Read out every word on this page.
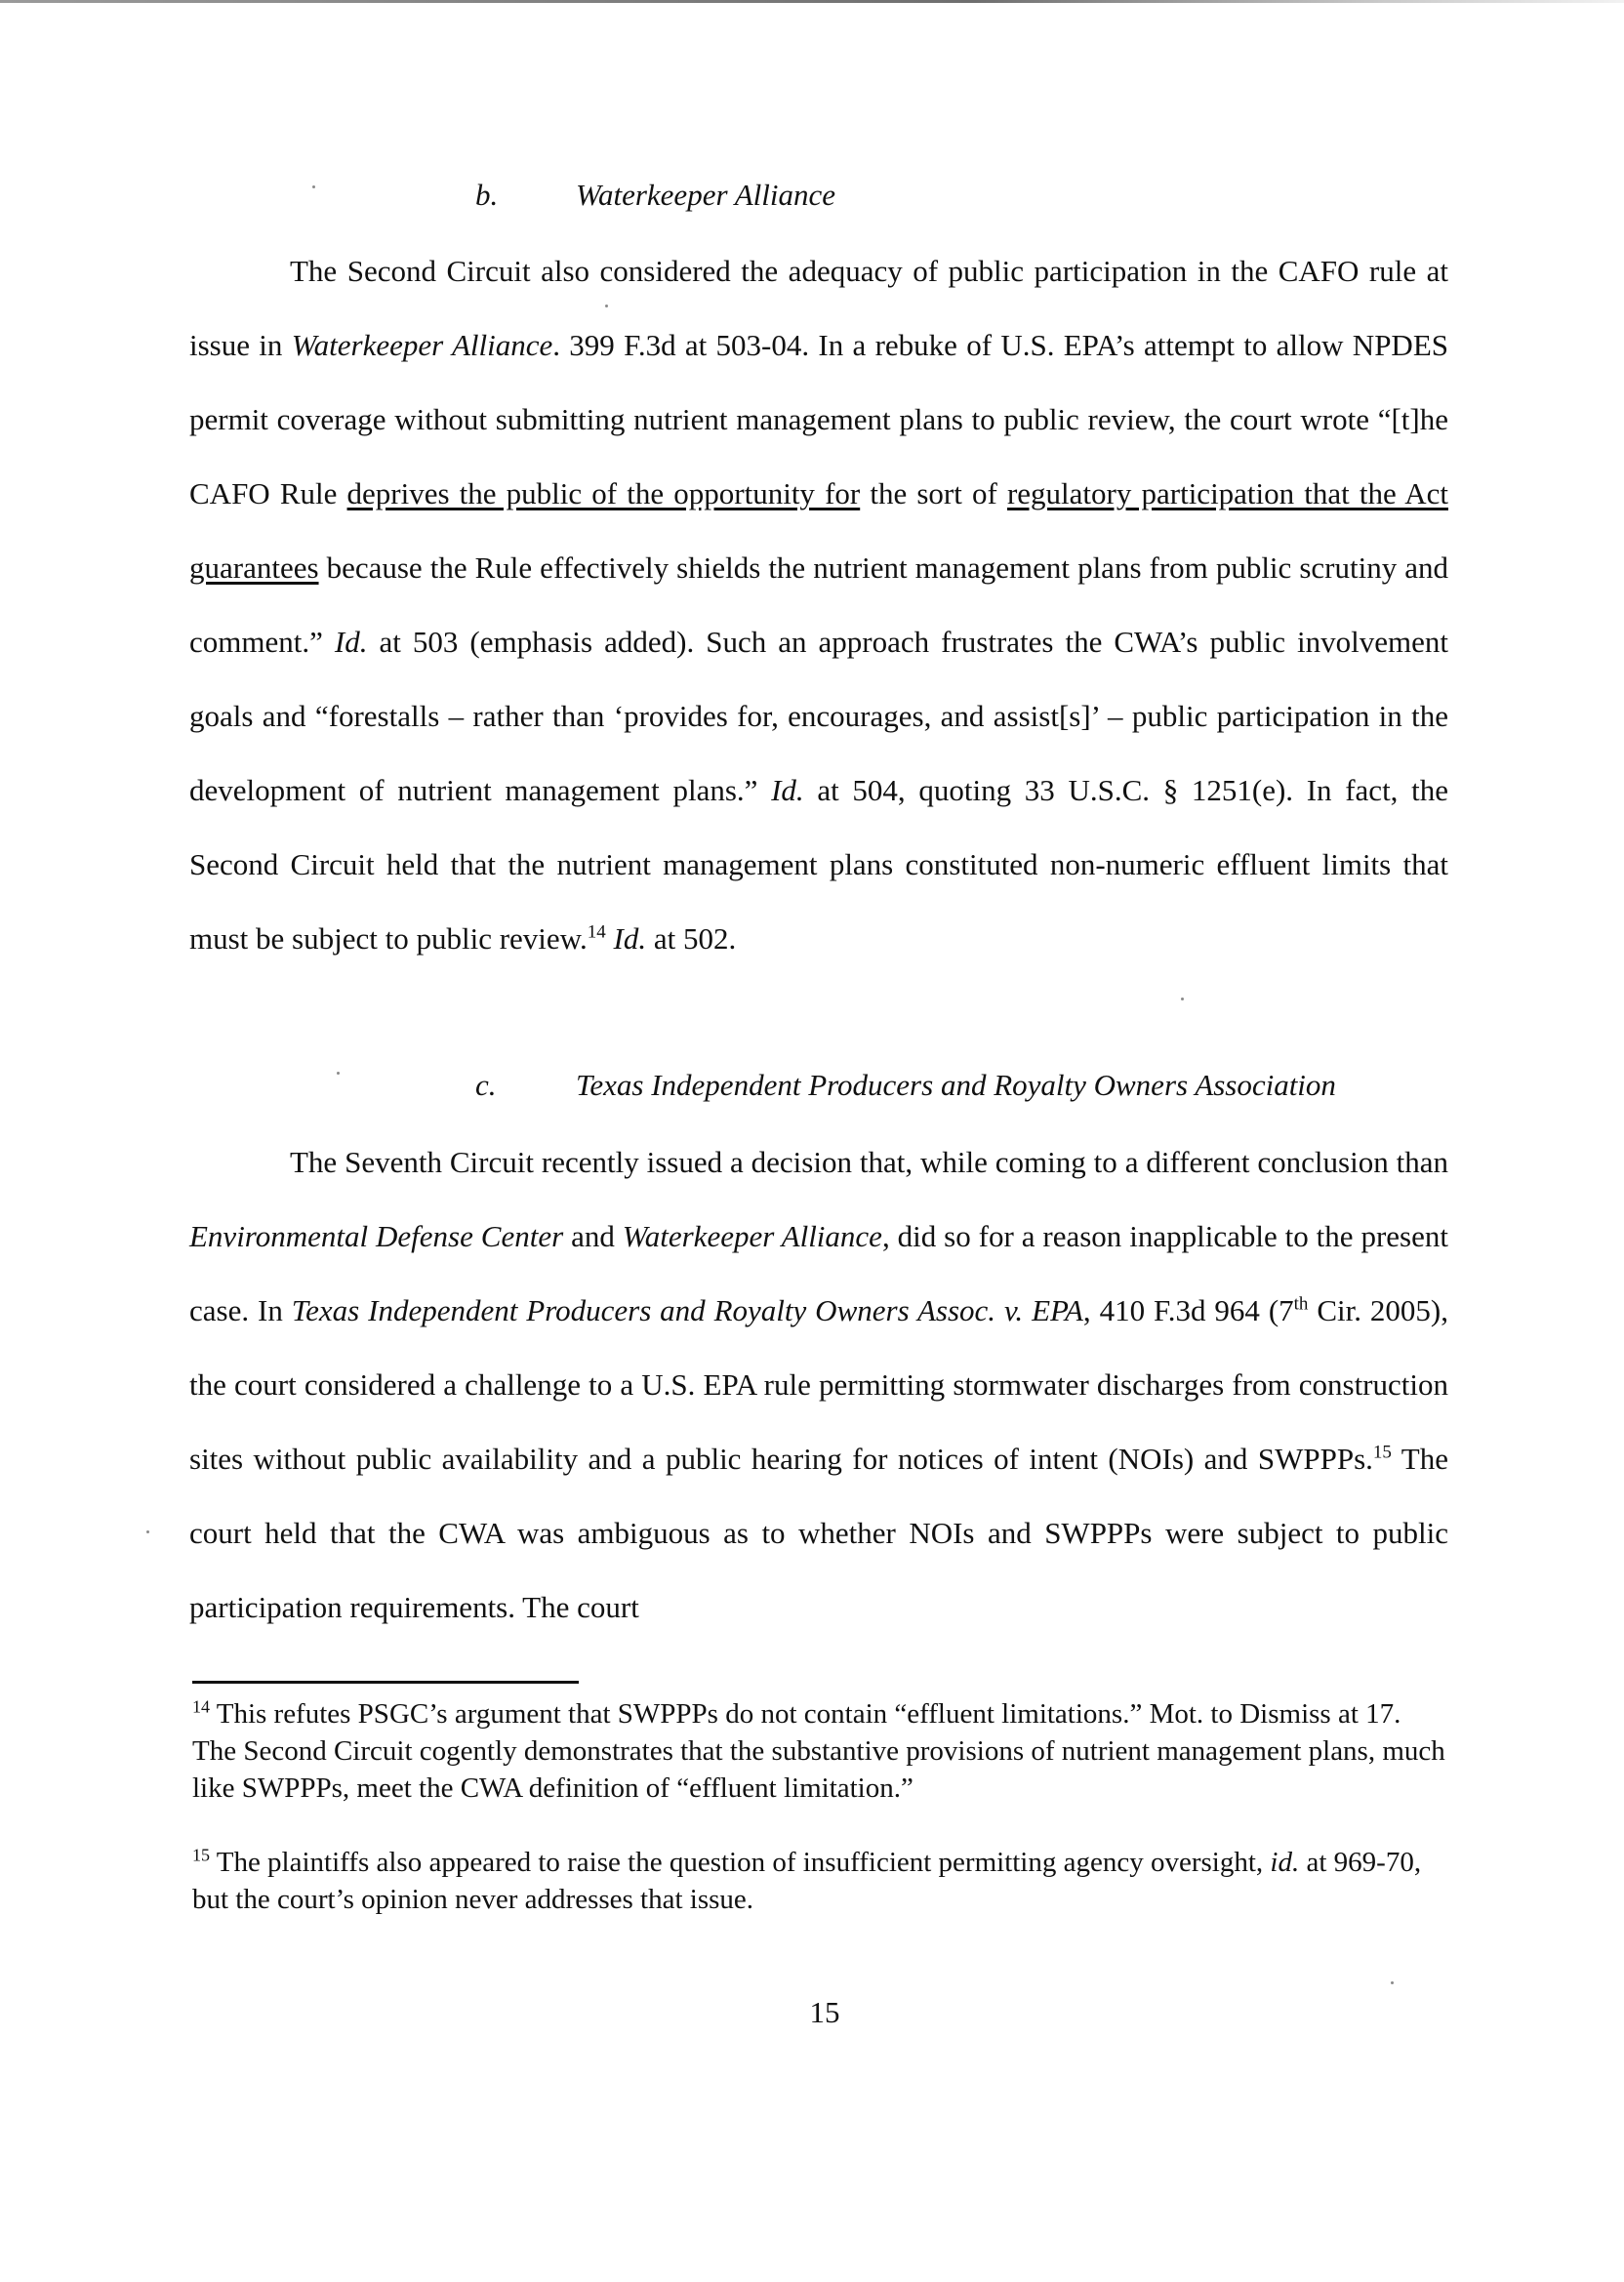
b.	Waterkeeper Alliance

The Second Circuit also considered the adequacy of public participation in the CAFO rule at issue in Waterkeeper Alliance. 399 F.3d at 503-04. In a rebuke of U.S. EPA’s attempt to allow NPDES permit coverage without submitting nutrient management plans to public review, the court wrote “[t]he CAFO Rule deprives the public of the opportunity for the sort of regulatory participation that the Act guarantees because the Rule effectively shields the nutrient management plans from public scrutiny and comment.” Id. at 503 (emphasis added). Such an approach frustrates the CWA’s public involvement goals and “forestalls – rather than ‘provides for, encourages, and assist[s]’ – public participation in the development of nutrient management plans.” Id. at 504, quoting 33 U.S.C. § 1251(e). In fact, the Second Circuit held that the nutrient management plans constituted non-numeric effluent limits that must be subject to public review.$^{14}$ Id. at 502.

c.	Texas Independent Producers and Royalty Owners Association

The Seventh Circuit recently issued a decision that, while coming to a different conclusion than Environmental Defense Center and Waterkeeper Alliance, did so for a reason inapplicable to the present case. In Texas Independent Producers and Royalty Owners Assoc. v. EPA, 410 F.3d 964 (7th Cir. 2005), the court considered a challenge to a U.S. EPA rule permitting stormwater discharges from construction sites without public availability and a public hearing for notices of intent (NOIs) and SWPPPs.$^{15}$ The court held that the CWA was ambiguous as to whether NOIs and SWPPPs were subject to public participation requirements. The court

$^{14}$ This refutes PSGC’s argument that SWPPPs do not contain “effluent limitations.” Mot. to Dismiss at 17. The Second Circuit cogently demonstrates that the substantive provisions of nutrient management plans, much like SWPPPs, meet the CWA definition of “effluent limitation.”

$^{15}$ The plaintiffs also appeared to raise the question of insufficient permitting agency oversight, id. at 969-70, but the court’s opinion never addresses that issue.

15
